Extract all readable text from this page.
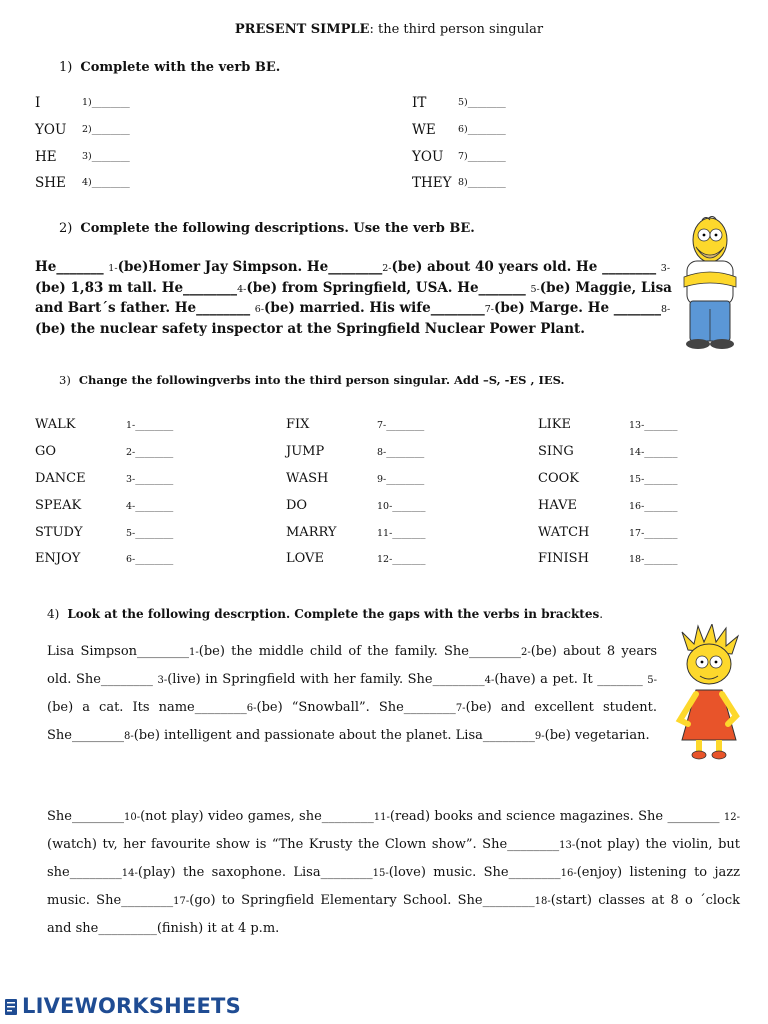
PRESENT SIMPLE: the third person singular
1) Complete with the verb BE.
I	1)________
YOU 2)________
HE	3)________
SHE 4)________
IT	5)________
WE 6)________
YOU 7)________
THEY 8)________
2) Complete the following descriptions. Use the verb BE.
He_______ 1-(be)Homer Jay Simpson. He________2-(be) about 40 years old. He ________ 3-(be) 1,83 m tall. He________4-(be) from Springfield, USA. He_______ 5-(be) Maggie, Lisa and Bart´s father. He________ 6-(be) married. His wife________7-(be) Marge. He _______8-(be) the nuclear safety inspector at the Springfield Nuclear Power Plant.
3) Change the followingverbs into the third person singular. Add –S, -ES , IES.
WALK	1-________
GO	2-________
DANCE	3-________
SPEAK	4-________
STUDY	5-________
ENJOY	6-________
FIX	7-________
JUMP	8-________
WASH	9-________
DO	10-_______
MARRY	11-_______
LOVE	12-_______
LIKE	13-_______
SING	14-_______
COOK	15-_______
HAVE	16-_______
WATCH	17-_______
FINISH	18-_______
4) Look at the following descrption. Complete the gaps with the verbs in bracktes.
Lisa Simpson________1-(be) the middle child of the family. She________2-(be) about 8 years old. She________ 3-(live) in Springfield with her family. She________4-(have) a pet. It _______ 5-(be) a cat. Its name________6-(be) “Snowball”. She________7-(be) and excellent student. She________8-(be) intelligent and passionate about the planet. Lisa________9-(be) vegetarian.
She________10-(not play) video games, she________11-(read) books and science magazines. She ________ 12-(watch) tv, her favourite show is “The Krusty the Clown show”. She________13-(not play) the violin, but she________14-(play) the saxophone. Lisa________15-(love) music. She________16-(enjoy) listening to jazz music. She________17-(go) to Springfield Elementary School. She________18-(start) classes at 8 o ´clock and she_________(finish) it at 4 p.m.
LIVEWORKSHEETS
